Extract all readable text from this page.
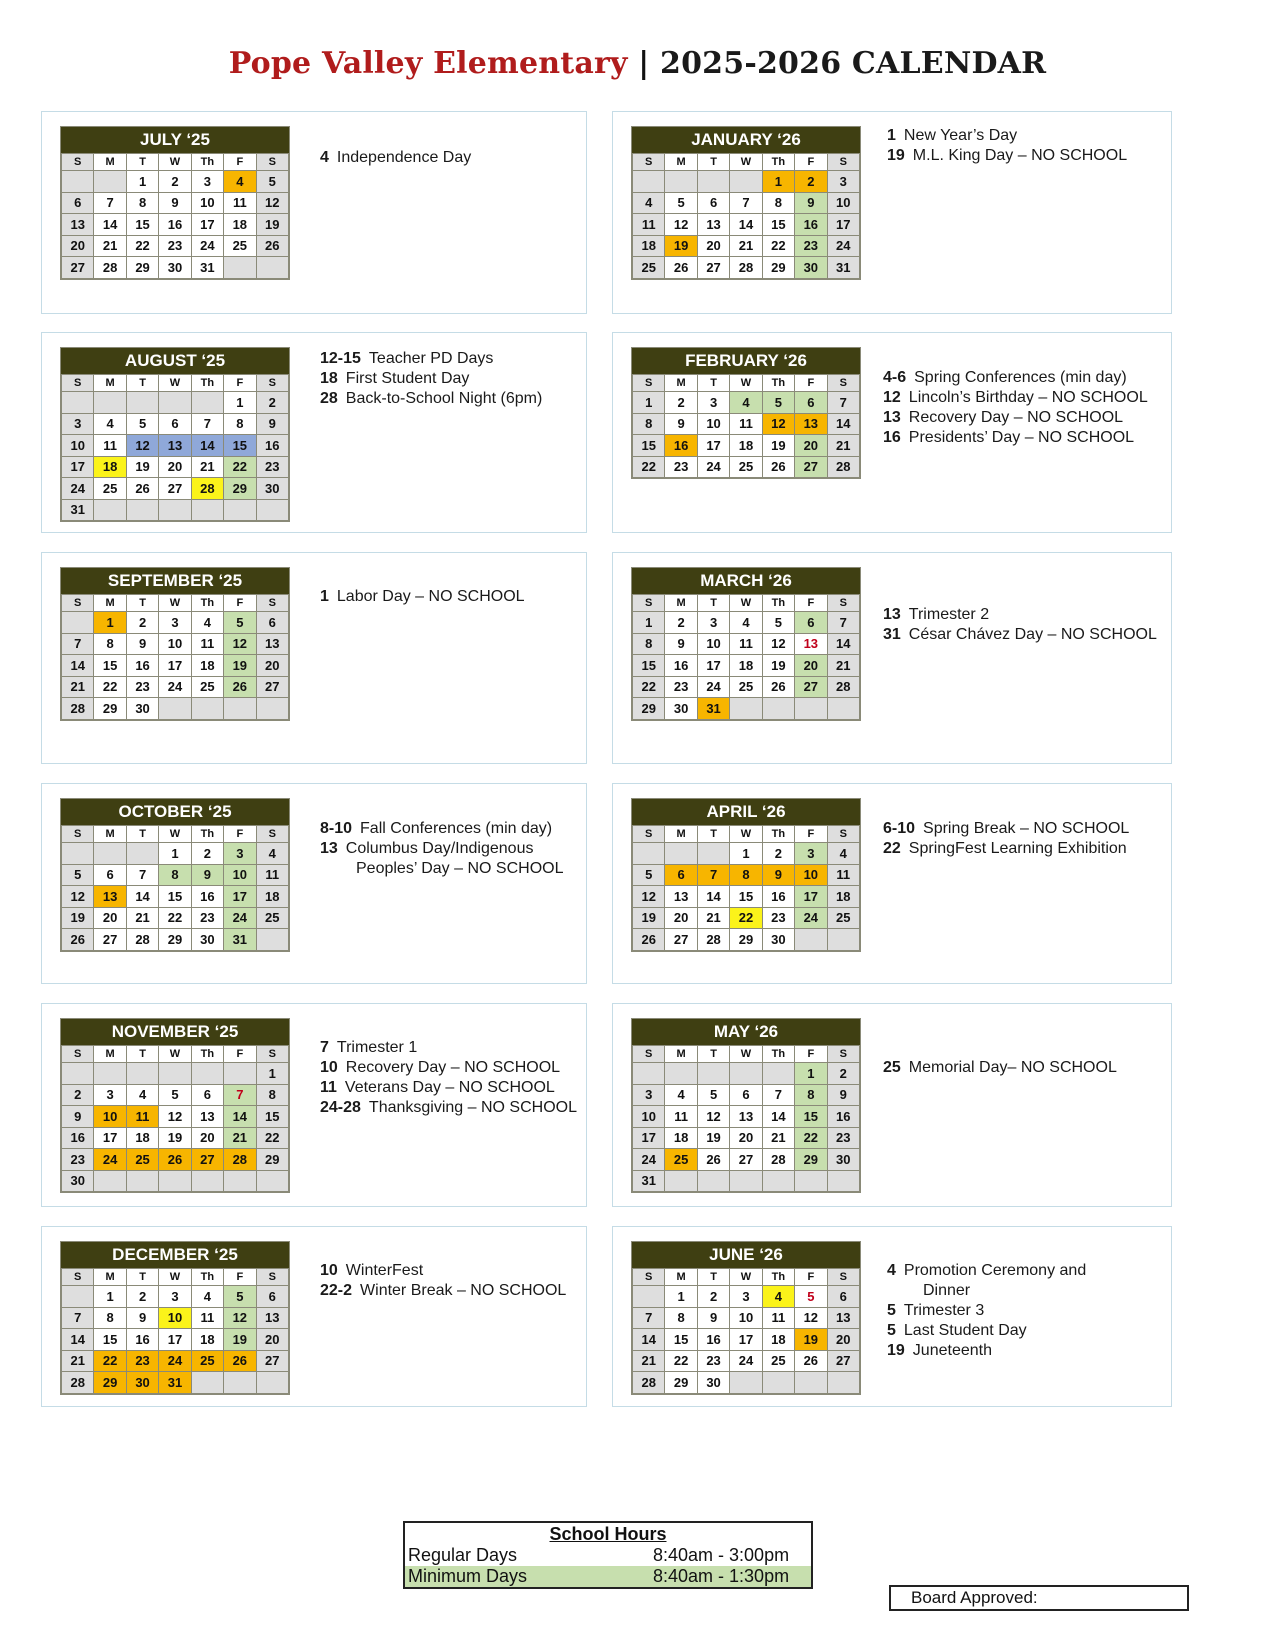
Pope Valley Elementary | 2025-2026 CALENDAR
JULY ‘25
S	M	T	W	Th	F	S
		1	2	3	4	5
6	7	8	9	10	11	12
13	14	15	16	17	18	19
20	21	22	23	24	25	26
27	28	29	30	31		
4 Independence Day
AUGUST ‘25
S	M	T	W	Th	F	S
					1	2
3	4	5	6	7	8	9
10	11	12	13	14	15	16
17	18	19	20	21	22	23
24	25	26	27	28	29	30
31						
12-15 Teacher PD Days
18 First Student Day
28 Back-to-School Night (6pm)
SEPTEMBER ‘25
S	M	T	W	Th	F	S
	1	2	3	4	5	6
7	8	9	10	11	12	13
14	15	16	17	18	19	20
21	22	23	24	25	26	27
28	29	30				
1 Labor Day – NO SCHOOL
OCTOBER ‘25
S	M	T	W	Th	F	S
			1	2	3	4
5	6	7	8	9	10	11
12	13	14	15	16	17	18
19	20	21	22	23	24	25
26	27	28	29	30	31	
8-10 Fall Conferences (min day)
13 Columbus Day/Indigenous
Peoples’ Day – NO SCHOOL
NOVEMBER ‘25
S	M	T	W	Th	F	S
						1
2	3	4	5	6	7	8
9	10	11	12	13	14	15
16	17	18	19	20	21	22
23	24	25	26	27	28	29
30						
7 Trimester 1
10 Recovery Day – NO SCHOOL
11 Veterans Day – NO SCHOOL
24-28 Thanksgiving – NO SCHOOL
DECEMBER ‘25
S	M	T	W	Th	F	S
	1	2	3	4	5	6
7	8	9	10	11	12	13
14	15	16	17	18	19	20
21	22	23	24	25	26	27
28	29	30	31			
10 WinterFest
22-2 Winter Break – NO SCHOOL
JANUARY ‘26
S	M	T	W	Th	F	S
				1	2	3
4	5	6	7	8	9	10
11	12	13	14	15	16	17
18	19	20	21	22	23	24
25	26	27	28	29	30	31
1 New Year’s Day
19 M.L. King Day – NO SCHOOL
FEBRUARY ‘26
S	M	T	W	Th	F	S
1	2	3	4	5	6	7
8	9	10	11	12	13	14
15	16	17	18	19	20	21
22	23	24	25	26	27	28
4-6 Spring Conferences (min day)
12 Lincoln’s Birthday – NO SCHOOL
13 Recovery Day – NO SCHOOL
16 Presidents’ Day – NO SCHOOL
MARCH ‘26
S	M	T	W	Th	F	S
1	2	3	4	5	6	7
8	9	10	11	12	13	14
15	16	17	18	19	20	21
22	23	24	25	26	27	28
29	30	31				
13 Trimester 2
31 César Chávez Day – NO SCHOOL
APRIL ‘26
S	M	T	W	Th	F	S
			1	2	3	4
5	6	7	8	9	10	11
12	13	14	15	16	17	18
19	20	21	22	23	24	25
26	27	28	29	30		
6-10 Spring Break – NO SCHOOL
22 SpringFest Learning Exhibition
MAY ‘26
S	M	T	W	Th	F	S
					1	2
3	4	5	6	7	8	9
10	11	12	13	14	15	16
17	18	19	20	21	22	23
24	25	26	27	28	29	30
31						
25 Memorial Day– NO SCHOOL
JUNE ‘26
S	M	T	W	Th	F	S
	1	2	3	4	5	6
7	8	9	10	11	12	13
14	15	16	17	18	19	20
21	22	23	24	25	26	27
28	29	30				
4 Promotion Ceremony and
Dinner
5 Trimester 3
5 Last Student Day
19 Juneteenth
School Hours
Regular Days	8:40am - 3:00pm
Minimum Days	8:40am - 1:30pm
Board Approved:
